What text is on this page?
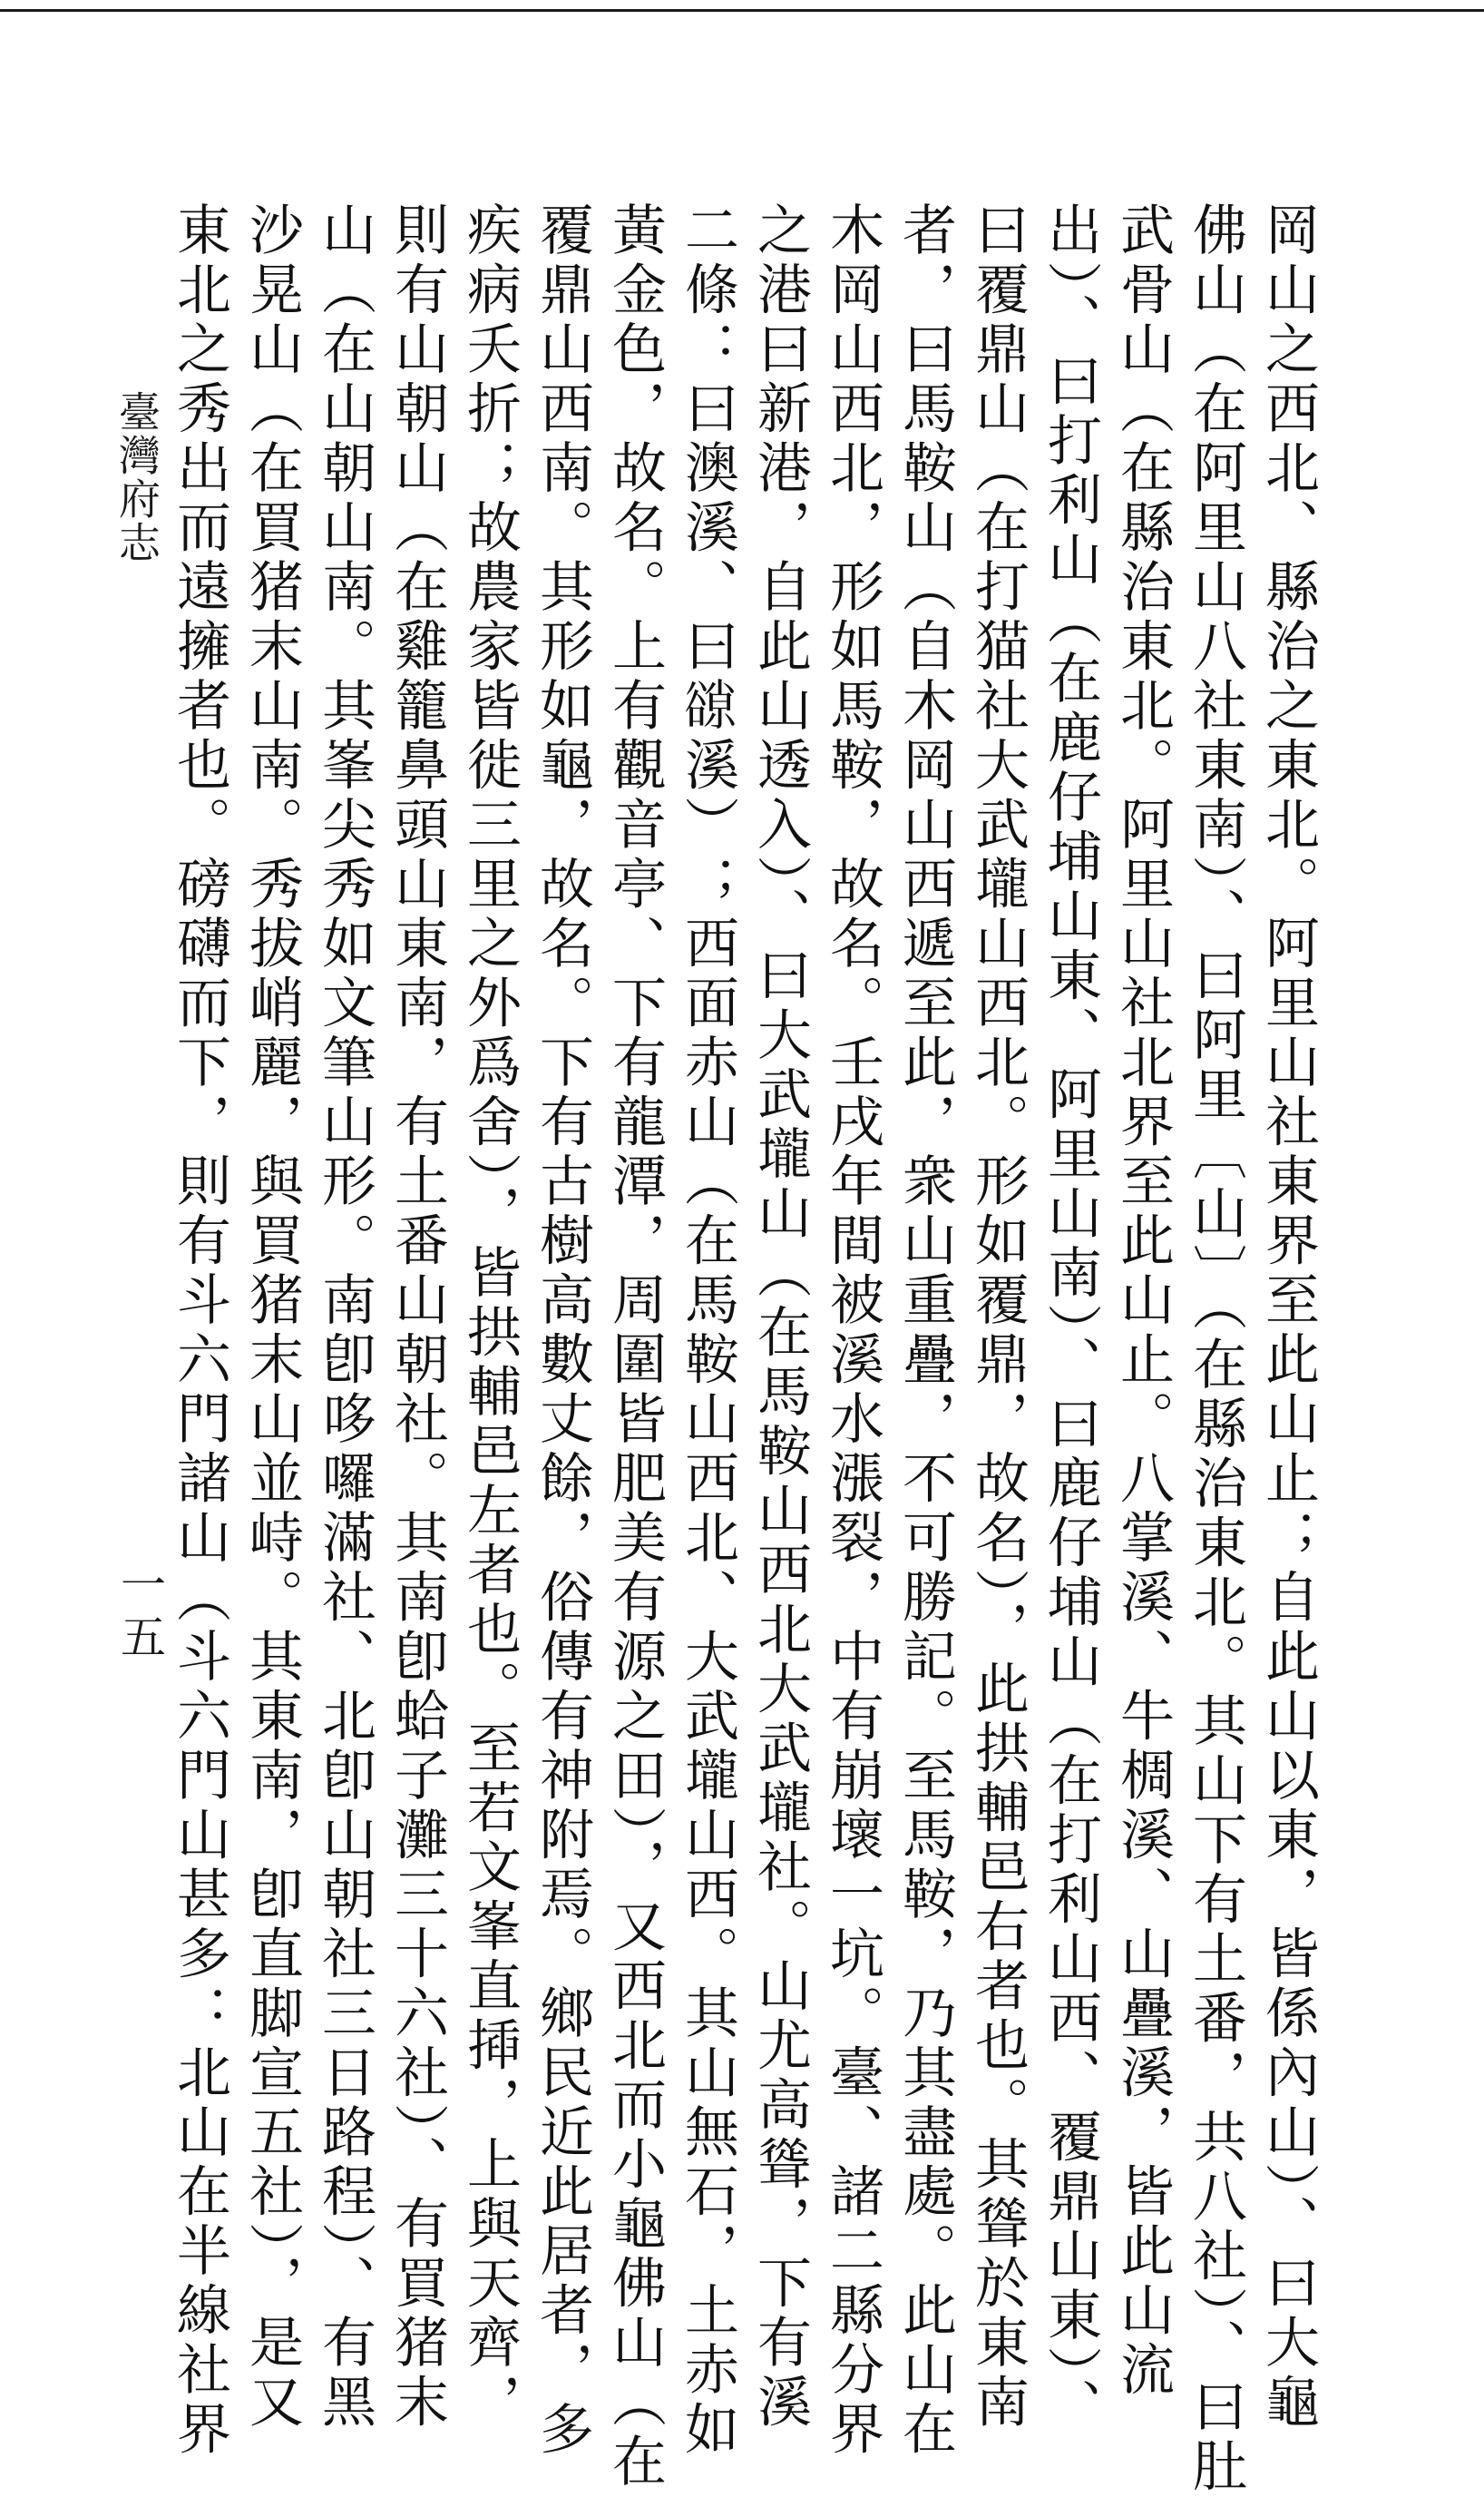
岡山之西北、縣治之東北。阿里山社東界至此山止；自此山以東，皆係內山）、曰大龜
佛山（在阿里山八社東南）、曰阿里〔山〕（在縣治東北。其山下有土番，共八社）、曰肚
武骨山（在縣治東北。阿里山社北界至此山止。八掌溪、牛椆溪、山疊溪，皆此山流
出）、曰打利山（在鹿仔埔山東、阿里山南）、曰鹿仔埔山（在打利山西、覆鼎山東）、
曰覆鼎山（在打猫社大武壠山西北。形如覆鼎，故名），此拱輔邑右者也。其聳於東南
者，曰馬鞍山（自木岡山西遞至此，衆山重疊，不可勝記。至馬鞍，乃其盡處。此山在
木岡山西北，形如馬鞍，故名。壬戌年間被溪水漲裂，中有崩壞一坑。臺、諸二縣分界
之港曰新港，自此山透入）、曰大武壠山（在馬鞍山西北大武壠社。山尤高聳，下有溪
二條：曰澳溪、曰𧯈溪）；西面赤山（在馬鞍山西北、大武壠山西。其山無石，土赤如
黃金色，故名。上有觀音亭、下有龍潭，周圍皆肥美有源之田），又西北而小龜佛山（在
覆鼎山西南。其形如龜，故名。下有古樹高數丈餘，俗傳有神附焉。鄉民近此居者，多
疾病夭折；故農家皆徙三里之外爲舍），皆拱輔邑左者也。至若文峯直揷，上與天齊，
則有山朝山（在雞籠鼻頭山東南，有土番山朝社。其南卽蛤子灘三十六社）、有買猪末
山（在山朝山南。其峯尖秀如文筆山形。南卽哆囉滿社、北卽山朝社三日路程）、有黑
沙晃山（在買猪末山南。秀拔峭麗，與買猪末山並峙。其東南，卽直脚宣五社），是又
東北之秀出而遠擁者也。磅礴而下，則有斗六門諸山（斗六門山甚多：北山在半線社界
臺灣府志
一五
